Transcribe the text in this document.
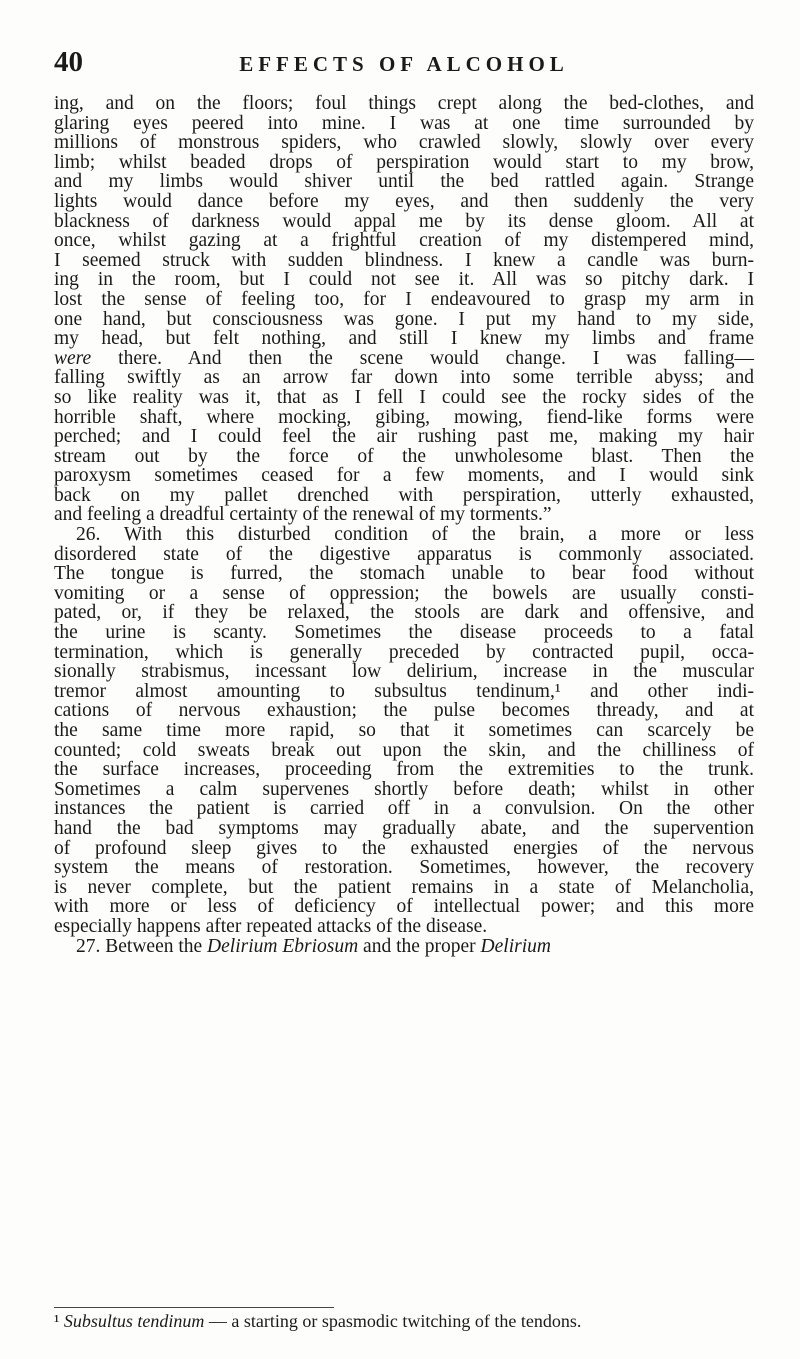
40	EFFECTS OF ALCOHOL
ing, and on the floors; foul things crept along the bed-clothes, and
glaring eyes peered into mine. I was at one time surrounded by
millions of monstrous spiders, who crawled slowly, slowly over every
limb; whilst beaded drops of perspiration would start to my brow,
and my limbs would shiver until the bed rattled again. Strange
lights would dance before my eyes, and then suddenly the very
blackness of darkness would appal me by its dense gloom. All at
once, whilst gazing at a frightful creation of my distempered mind,
I seemed struck with sudden blindness. I knew a candle was burn-
ing in the room, but I could not see it. All was so pitchy dark. I
lost the sense of feeling too, for I endeavoured to grasp my arm in
one hand, but consciousness was gone. I put my hand to my side,
my head, but felt nothing, and still I knew my limbs and frame
were there. And then the scene would change. I was falling—
falling swiftly as an arrow far down into some terrible abyss; and
so like reality was it, that as I fell I could see the rocky sides of the
horrible shaft, where mocking, gibing, mowing, fiend-like forms were
perched; and I could feel the air rushing past me, making my hair
stream out by the force of the unwholesome blast. Then the
paroxysm sometimes ceased for a few moments, and I would sink
back on my pallet drenched with perspiration, utterly exhausted,
and feeling a dreadful certainty of the renewal of my torments.”
26. With this disturbed condition of the brain, a more or less
disordered state of the digestive apparatus is commonly associated.
The tongue is furred, the stomach unable to bear food without
vomiting or a sense of oppression; the bowels are usually consti-
pated, or, if they be relaxed, the stools are dark and offensive, and
the urine is scanty. Sometimes the disease proceeds to a fatal
termination, which is generally preceded by contracted pupil, occa-
sionally strabismus, incessant low delirium, increase in the muscular
tremor almost amounting to subsultus tendinum,¹ and other indi-
cations of nervous exhaustion; the pulse becomes thready, and at
the same time more rapid, so that it sometimes can scarcely be
counted; cold sweats break out upon the skin, and the chilliness of
the surface increases, proceeding from the extremities to the trunk.
Sometimes a calm supervenes shortly before death; whilst in other
instances the patient is carried off in a convulsion. On the other
hand the bad symptoms may gradually abate, and the supervention
of profound sleep gives to the exhausted energies of the nervous
system the means of restoration. Sometimes, however, the recovery
is never complete, but the patient remains in a state of Melancholia,
with more or less of deficiency of intellectual power; and this more
especially happens after repeated attacks of the disease.
27. Between the Delirium Ebriosum and the proper Delirium
¹ Subsultus tendinum — a starting or spasmodic twitching of the tendons.
